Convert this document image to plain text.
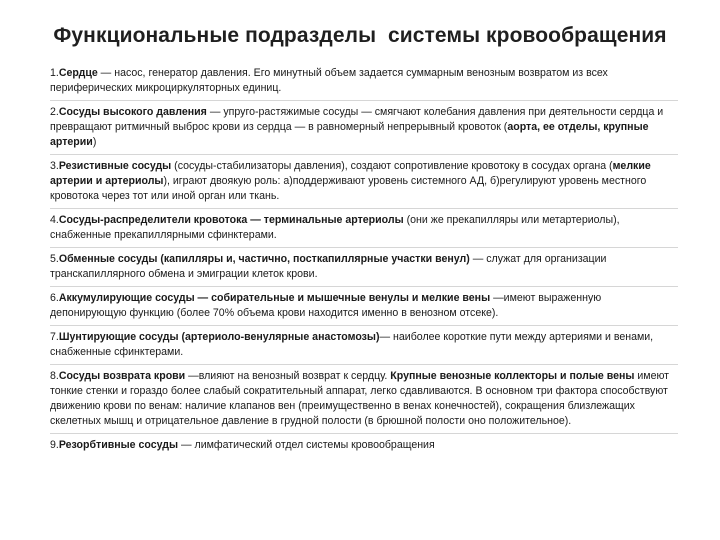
Функциональные подразделы  системы кровообращения
1.Сердце — насос, генератор давления. Его минутный объем задается суммарным венозным возвратом из всех периферических микроциркуляторных единиц.
2.Сосуды высокого давления — упруго-растяжимые сосуды — смягчают колебания давления при деятельности сердца и превращают ритмичный выброс крови из сердца — в равномерный непрерывный кровоток (аорта, ее отделы, крупные артерии)
3.Резистивные сосуды (сосуды-стабилизаторы давления), создают сопротивление кровотоку в сосудах органа (мелкие артерии и артериолы), играют двоякую роль: а)поддерживают уровень системного АД, б)регулируют уровень местного кровотока через тот или иной орган или ткань.
4.Сосуды-распределители кровотока — терминальные артериолы (они же прекапилляры или метартериолы), снабженные прекапиллярными сфинктерами.
5.Обменные сосуды (капилляры и, частично, посткапиллярные участки венул) — служат для организации транскапиллярного обмена и эмиграции клеток крови.
6.Аккумулирующие сосуды — собирательные и мышечные венулы и мелкие вены —имеют выраженную депонирующую функцию (более 70% объема крови находится именно в венозном отсеке).
7.Шунтирующие сосуды (артериоло-венулярные анастомозы)— наиболее короткие пути между артериями и венами, снабженные сфинктерами.
8.Сосуды возврата крови —влияют на венозный возврат к сердцу. Крупные венозные коллекторы и полые вены имеют тонкие стенки и гораздо более слабый сократительный аппарат, легко сдавливаются. В основном три фактора способствуют движению крови по венам: наличие клапанов вен (преимущественно в венах конечностей), сокращения близлежащих скелетных мышц и отрицательное давление в грудной полости (в брюшной полости оно положительное).
9.Резорбтивные сосуды — лимфатический отдел системы кровообращения
